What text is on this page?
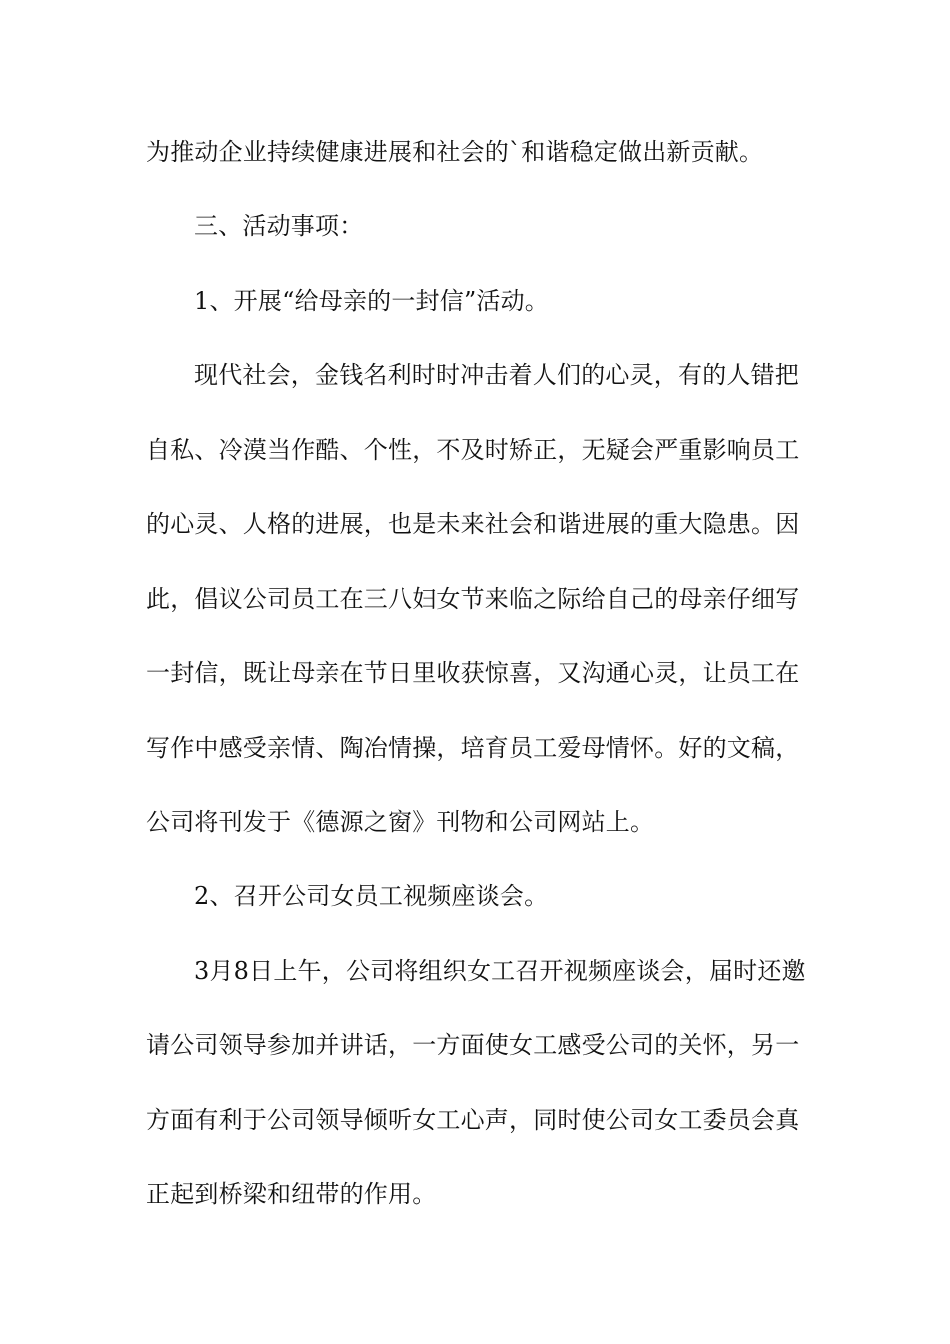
为推动企业持续健康进展和社会的`和谐稳定做出新贡献。
三、活动事项：
1、开展“给母亲的一封信”活动。
现代社会，金钱名利时时冲击着人们的心灵，有的人错把
自私、冷漠当作酷、个性，不及时矫正，无疑会严重影响员工
的心灵、人格的进展，也是未来社会和谐进展的重大隐患。因
此，倡议公司员工在三八妇女节来临之际给自己的母亲仔细写
一封信，既让母亲在节日里收获惊喜，又沟通心灵，让员工在
写作中感受亲情、陶冶情操，培育员工爱母情怀。好的文稿，
公司将刊发于《德源之窗》刊物和公司网站上。
2、召开公司女员工视频座谈会。
3月8日上午，公司将组织女工召开视频座谈会，届时还邀
请公司领导参加并讲话，一方面使女工感受公司的关怀，另一
方面有利于公司领导倾听女工心声，同时使公司女工委员会真
正起到桥梁和纽带的作用。
